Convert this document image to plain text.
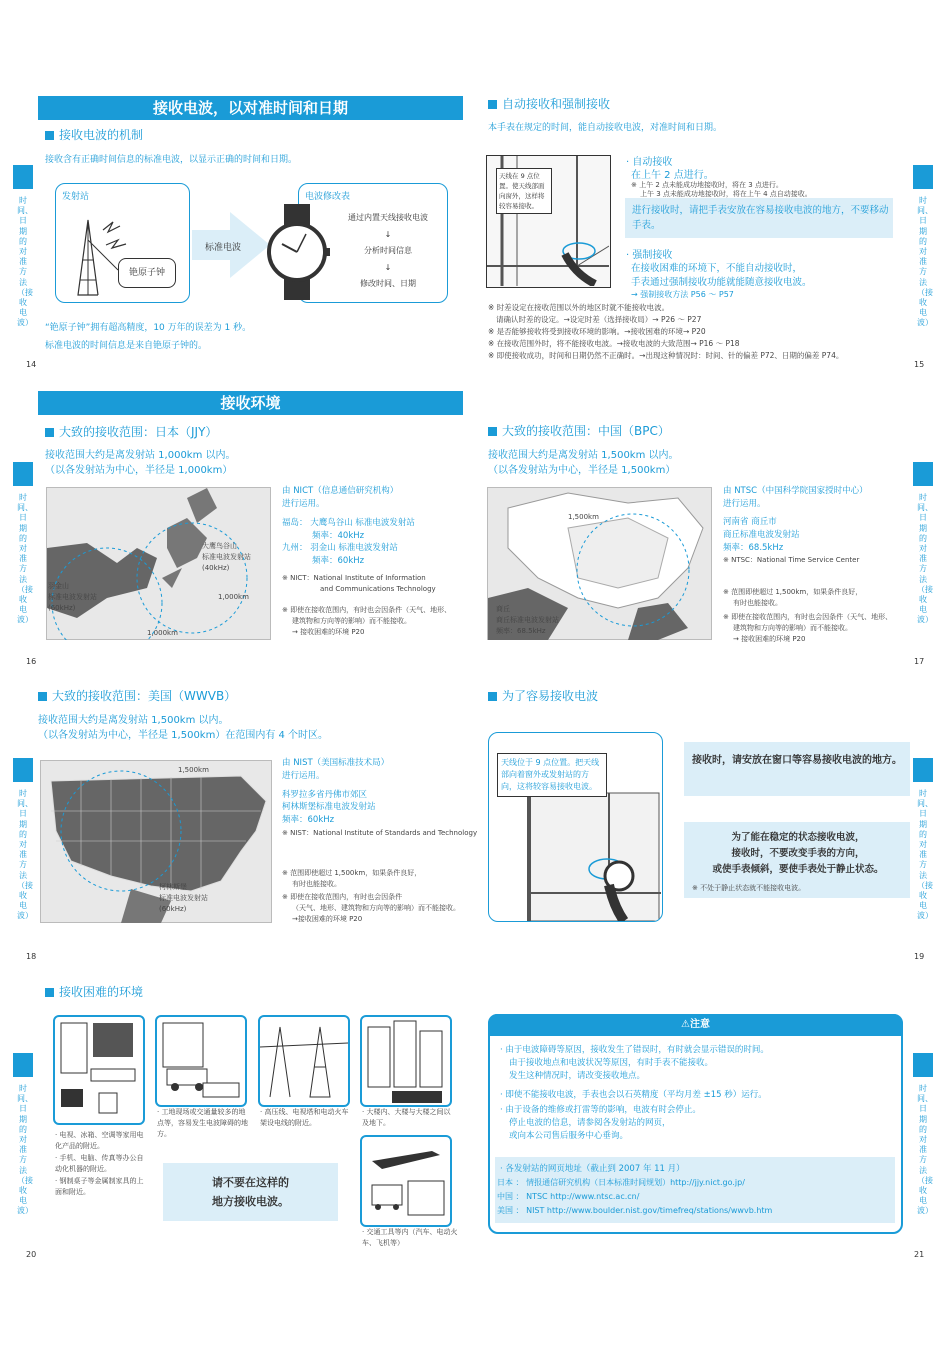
接收电波，以对准时间和日期
接收电波的机制
接收含有正确时间信息的标准电波，以显示正确的时间和日期。
发射站
铯原子钟
标准电波
电波修改表
通过内置天线接收电波
↓
分析时间信息
↓
修改时间、日期
“铯原子钟”拥有超高精度，10 万年的误差为 1 秒。
标准电波的时间信息是来自铯原子钟的。
14
自动接收和强制接收
本手表在规定的时间，能自动接收电波，对准时间和日期。
天线在 9 点位置。使天线部面向窗外，这样将较容易接收。
· 自动接收
在上午 2 点进行。
※ 上午 2 点未能成功地接收时，将在 3 点进行。
上午 3 点未能成功地接收时，将在上午 4 点自动接收。
进行接收时，请把手表安放在容易接收电波的地方，不要移动手表。
· 强制接收
在接收困难的环境下，不能自动接收时，
手表通过强制接收功能就能随意接收电波。
→ 强制接收方法 P56 ～ P57
※ 时差设定在接收范围以外的地区时就不能接收电波。
请确认时差的设定。→设定时差（选择接收局）→ P26 ～ P27
※ 是否能够接收将受到接收环境的影响。→接收困难的环境→ P20
※ 在接收范围外时，将不能接收电波。→接收电波的大致范围→ P16 ～ P18
※ 即使接收成功，时间和日期仍然不正确时。→出现这种情况时：时间、针的偏差 P72、日期的偏差 P74。
15
接收环境
大致的接收范围：日本（JJY）
接收范围大约是离发射站 1,000km 以内。
（以各发射站为中心，半径是 1,000km）
大鹰鸟谷山
标准电波发射站
(40kHz)
羽金山
标准电波发射站
(60kHz)
1,000km
1,000km
由 NICT（信息通信研究机构）
进行运用。
福岛： 大鹰鸟谷山 标准电波发射站
频率：40kHz
九州： 羽金山 标准电波发射站
频率：60kHz
※ NICT：National Institute of Information
and Communications Technology
※ 即使在接收范围内，有时也会因条件（天气、地形、
建筑物和方向等的影响）而不能接收。
→ 接收困难的环境 P20
16
大致的接收范围：中国（BPC）
接收范围大约是离发射站 1,500km 以内。
（以各发射站为中心，半径是 1,500km）
1,500km
商丘
商丘标准电波发射站
频率：68.5kHz
由 NTSC（中国科学院国家授时中心）
进行运用。
河南省 商丘市
商丘标准电波发射站
频率：68.5kHz
※ NTSC：National Time Service Center
※ 范围即使超过 1,500km，如果条件良好，
有时也能接收。
※ 即使在接收范围内，有时也会因条件（天气、地形、
建筑物和方向等的影响）而不能接收。
→ 接收困难的环境 P20
17
大致的接收范围：美国（WWVB）
接收范围大约是离发射站 1,500km 以内。
（以各发射站为中心，半径是 1,500km）在范围内有 4 个时区。
1,500km
柯林斯堡
标准电波发射站
(60kHz)
由 NIST（美国标准技术局）
进行运用。
科罗拉多省丹佛市郊区
柯林斯堡标准电波发射站
频率：60kHz
※ NIST：National Institute of Standards and Technology
※ 范围即使超过 1,500km，如果条件良好，
有时也能接收。
※ 即使在接收范围内，有时也会因条件
（天气、地形、建筑物和方向等的影响）而不能接收。
→接收困难的环境 P20
18
为了容易接收电波
天线位于 9 点位置。把天线部向着窗外或发射站的方向，这将较容易接收电波。
接收时，请安放在窗口等容易接收电波的地方。
为了能在稳定的状态接收电波，
接收时，不要改变手表的方向，
或使手表倾斜，要使手表处于静止状态。
※ 不处于静止状态就不能接收电波。
19
接收困难的环境
· 电视、冰箱、空调等家用电化产品的附近。
· 手机、电脑、传真等办公自动化机器的附近。
· 钢制桌子等金属制家具的上面和附近。
· 工地现场或交通量较多的地点等，容易发生电波障碍的地方。
· 高压线、电视塔和电动火车架设电线的附近。
· 大楼内、大楼与大楼之间以及地下。
· 交通工具等内（汽车、电动火车、飞机等）
请不要在这样的
地方接收电波。
20
⚠注意
· 由于电波障碍等原因，接收发生了错误时，有时就会显示错误的时间。
由于接收地点和电波状况等原因，有时手表不能接收。
发生这种情况时，请改变接收地点。
· 即使不能接收电波，手表也会以石英精度（平均月差 ±15 秒）运行。
· 由于设备的维修或打雷等的影响，电波有时会停止。
停止电波的信息，请参阅各发射站的网页，
或向本公司售后服务中心垂询。
· 各发射站的网页地址（截止到 2007 年 11 月）
日本 ： 情报通信研究机构（日本标准时间规划）http://jjy.nict.go.jp/
中国 ： NTSC http://www.ntsc.ac.cn/
美国 ： NIST http://www.boulder.nist.gov/timefreq/stations/wwvb.htm
21
时间、日期的对准方法（接收电波）
时间、日期的对准方法（接收电波）
时间、日期的对准方法（接收电波）
时间、日期的对准方法（接收电波）
时间、日期的对准方法（接收电波）
时间、日期的对准方法（接收电波）
时间、日期的对准方法（接收电波）
时间、日期的对准方法（接收电波）
